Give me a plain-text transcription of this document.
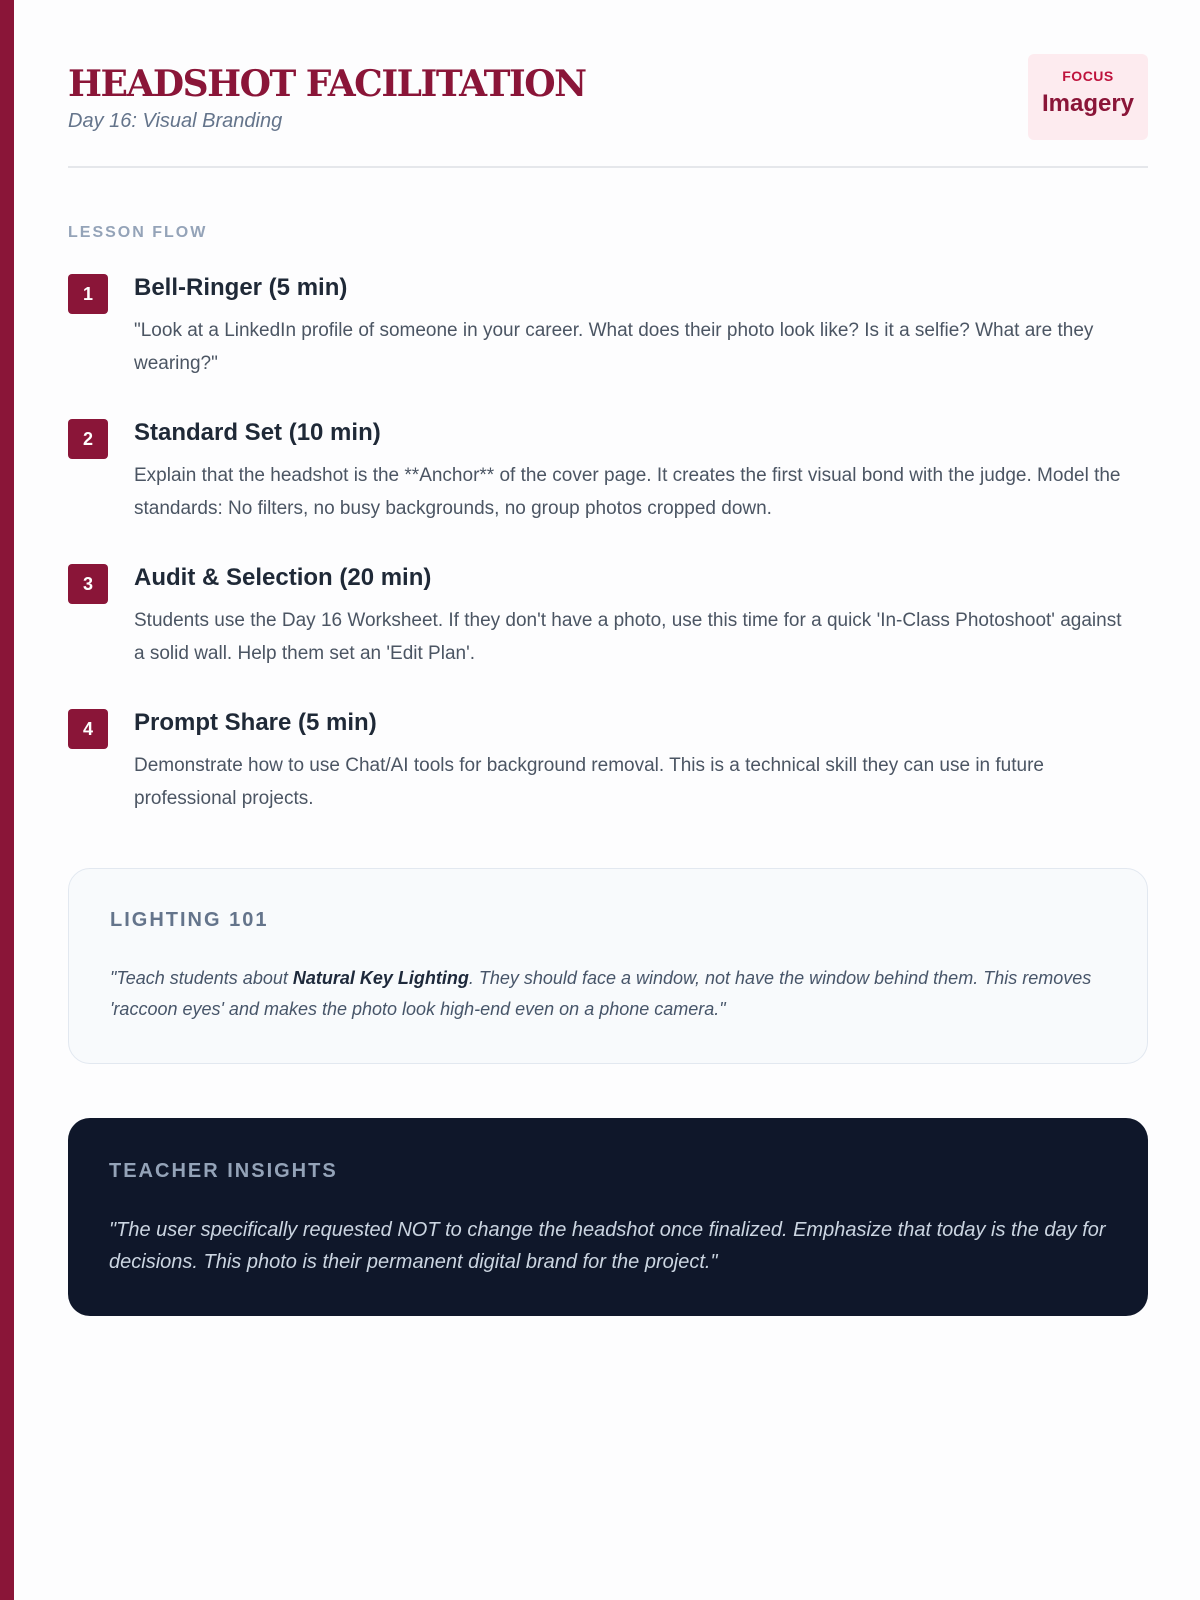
HEADSHOT FACILITATION
Day 16: Visual Branding
FOCUS
Imagery
LESSON FLOW
1	Bell-Ringer (5 min)
"Look at a LinkedIn profile of someone in your career. What does their photo look like? Is it a selfie? What are they wearing?"
2	Standard Set (10 min)
Explain that the headshot is the **Anchor** of the cover page. It creates the first visual bond with the judge. Model the standards: No filters, no busy backgrounds, no group photos cropped down.
3	Audit & Selection (20 min)
Students use the Day 16 Worksheet. If they don't have a photo, use this time for a quick 'In-Class Photoshoot' against a solid wall. Help them set an 'Edit Plan'.
4	Prompt Share (5 min)
Demonstrate how to use Chat/AI tools for background removal. This is a technical skill they can use in future professional projects.
LIGHTING 101
"Teach students about Natural Key Lighting. They should face a window, not have the window behind them. This removes 'raccoon eyes' and makes the photo look high-end even on a phone camera."
TEACHER INSIGHTS
"The user specifically requested NOT to change the headshot once finalized. Emphasize that today is the day for decisions. This photo is their permanent digital brand for the project."
